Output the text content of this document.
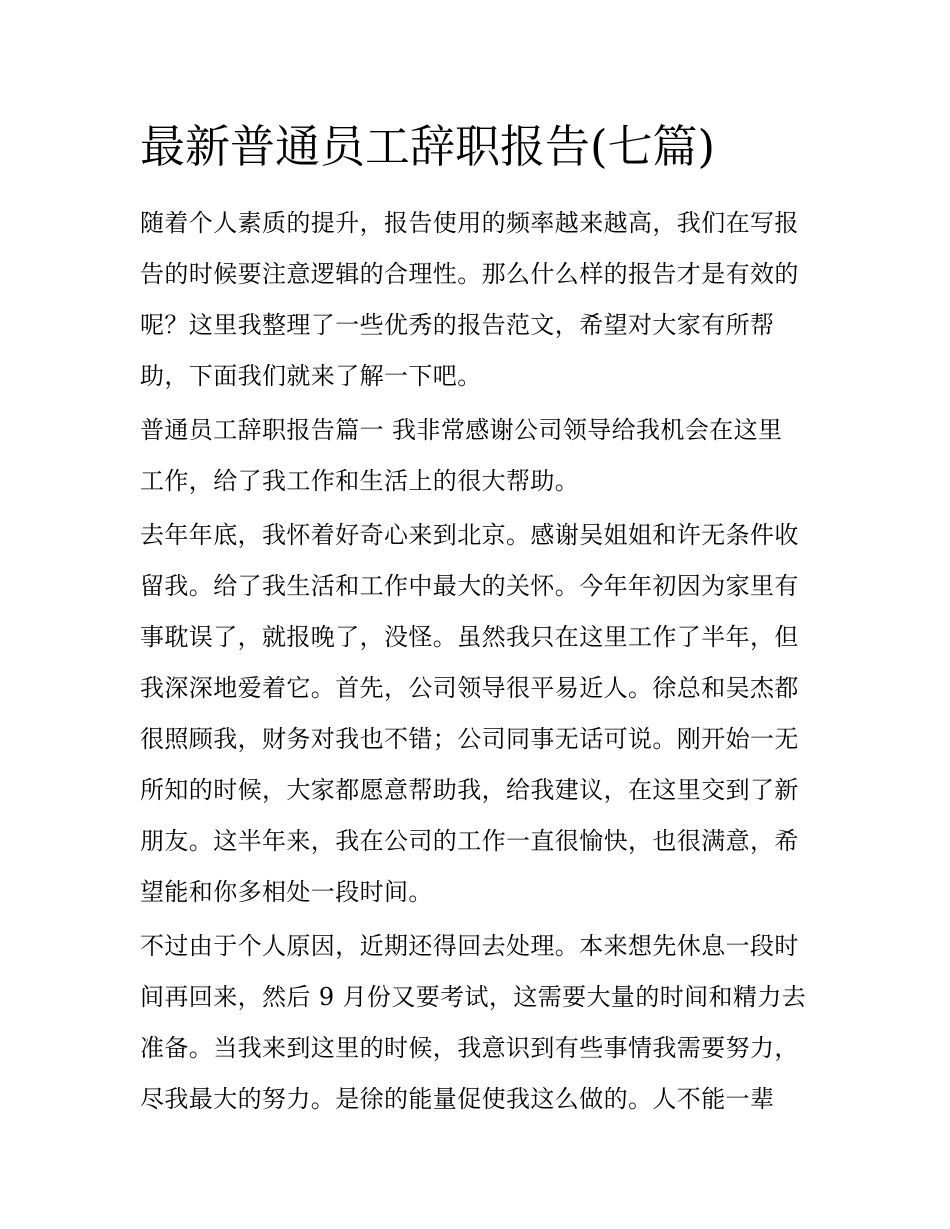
最新普通员工辞职报告(七篇)
随着个人素质的提升，报告使用的频率越来越高，我们在写报
告的时候要注意逻辑的合理性。那么什么样的报告才是有效的
呢？这里我整理了一些优秀的报告范文，希望对大家有所帮
助，下面我们就来了解一下吧。
普通员工辞职报告篇一 我非常感谢公司领导给我机会在这里
工作，给了我工作和生活上的很大帮助。
去年年底，我怀着好奇心来到北京。感谢吴姐姐和许无条件收
留我。给了我生活和工作中最大的关怀。今年年初因为家里有
事耽误了，就报晚了，没怪。虽然我只在这里工作了半年，但
我深深地爱着它。首先，公司领导很平易近人。徐总和吴杰都
很照顾我，财务对我也不错；公司同事无话可说。刚开始一无
所知的时候，大家都愿意帮助我，给我建议，在这里交到了新
朋友。这半年来，我在公司的工作一直很愉快，也很满意，希
望能和你多相处一段时间。
不过由于个人原因，近期还得回去处理。本来想先休息一段时
间再回来，然后 9 月份又要考试，这需要大量的时间和精力去
准备。当我来到这里的时候，我意识到有些事情我需要努力，
尽我最大的努力。是徐的能量促使我这么做的。人不能一辈
